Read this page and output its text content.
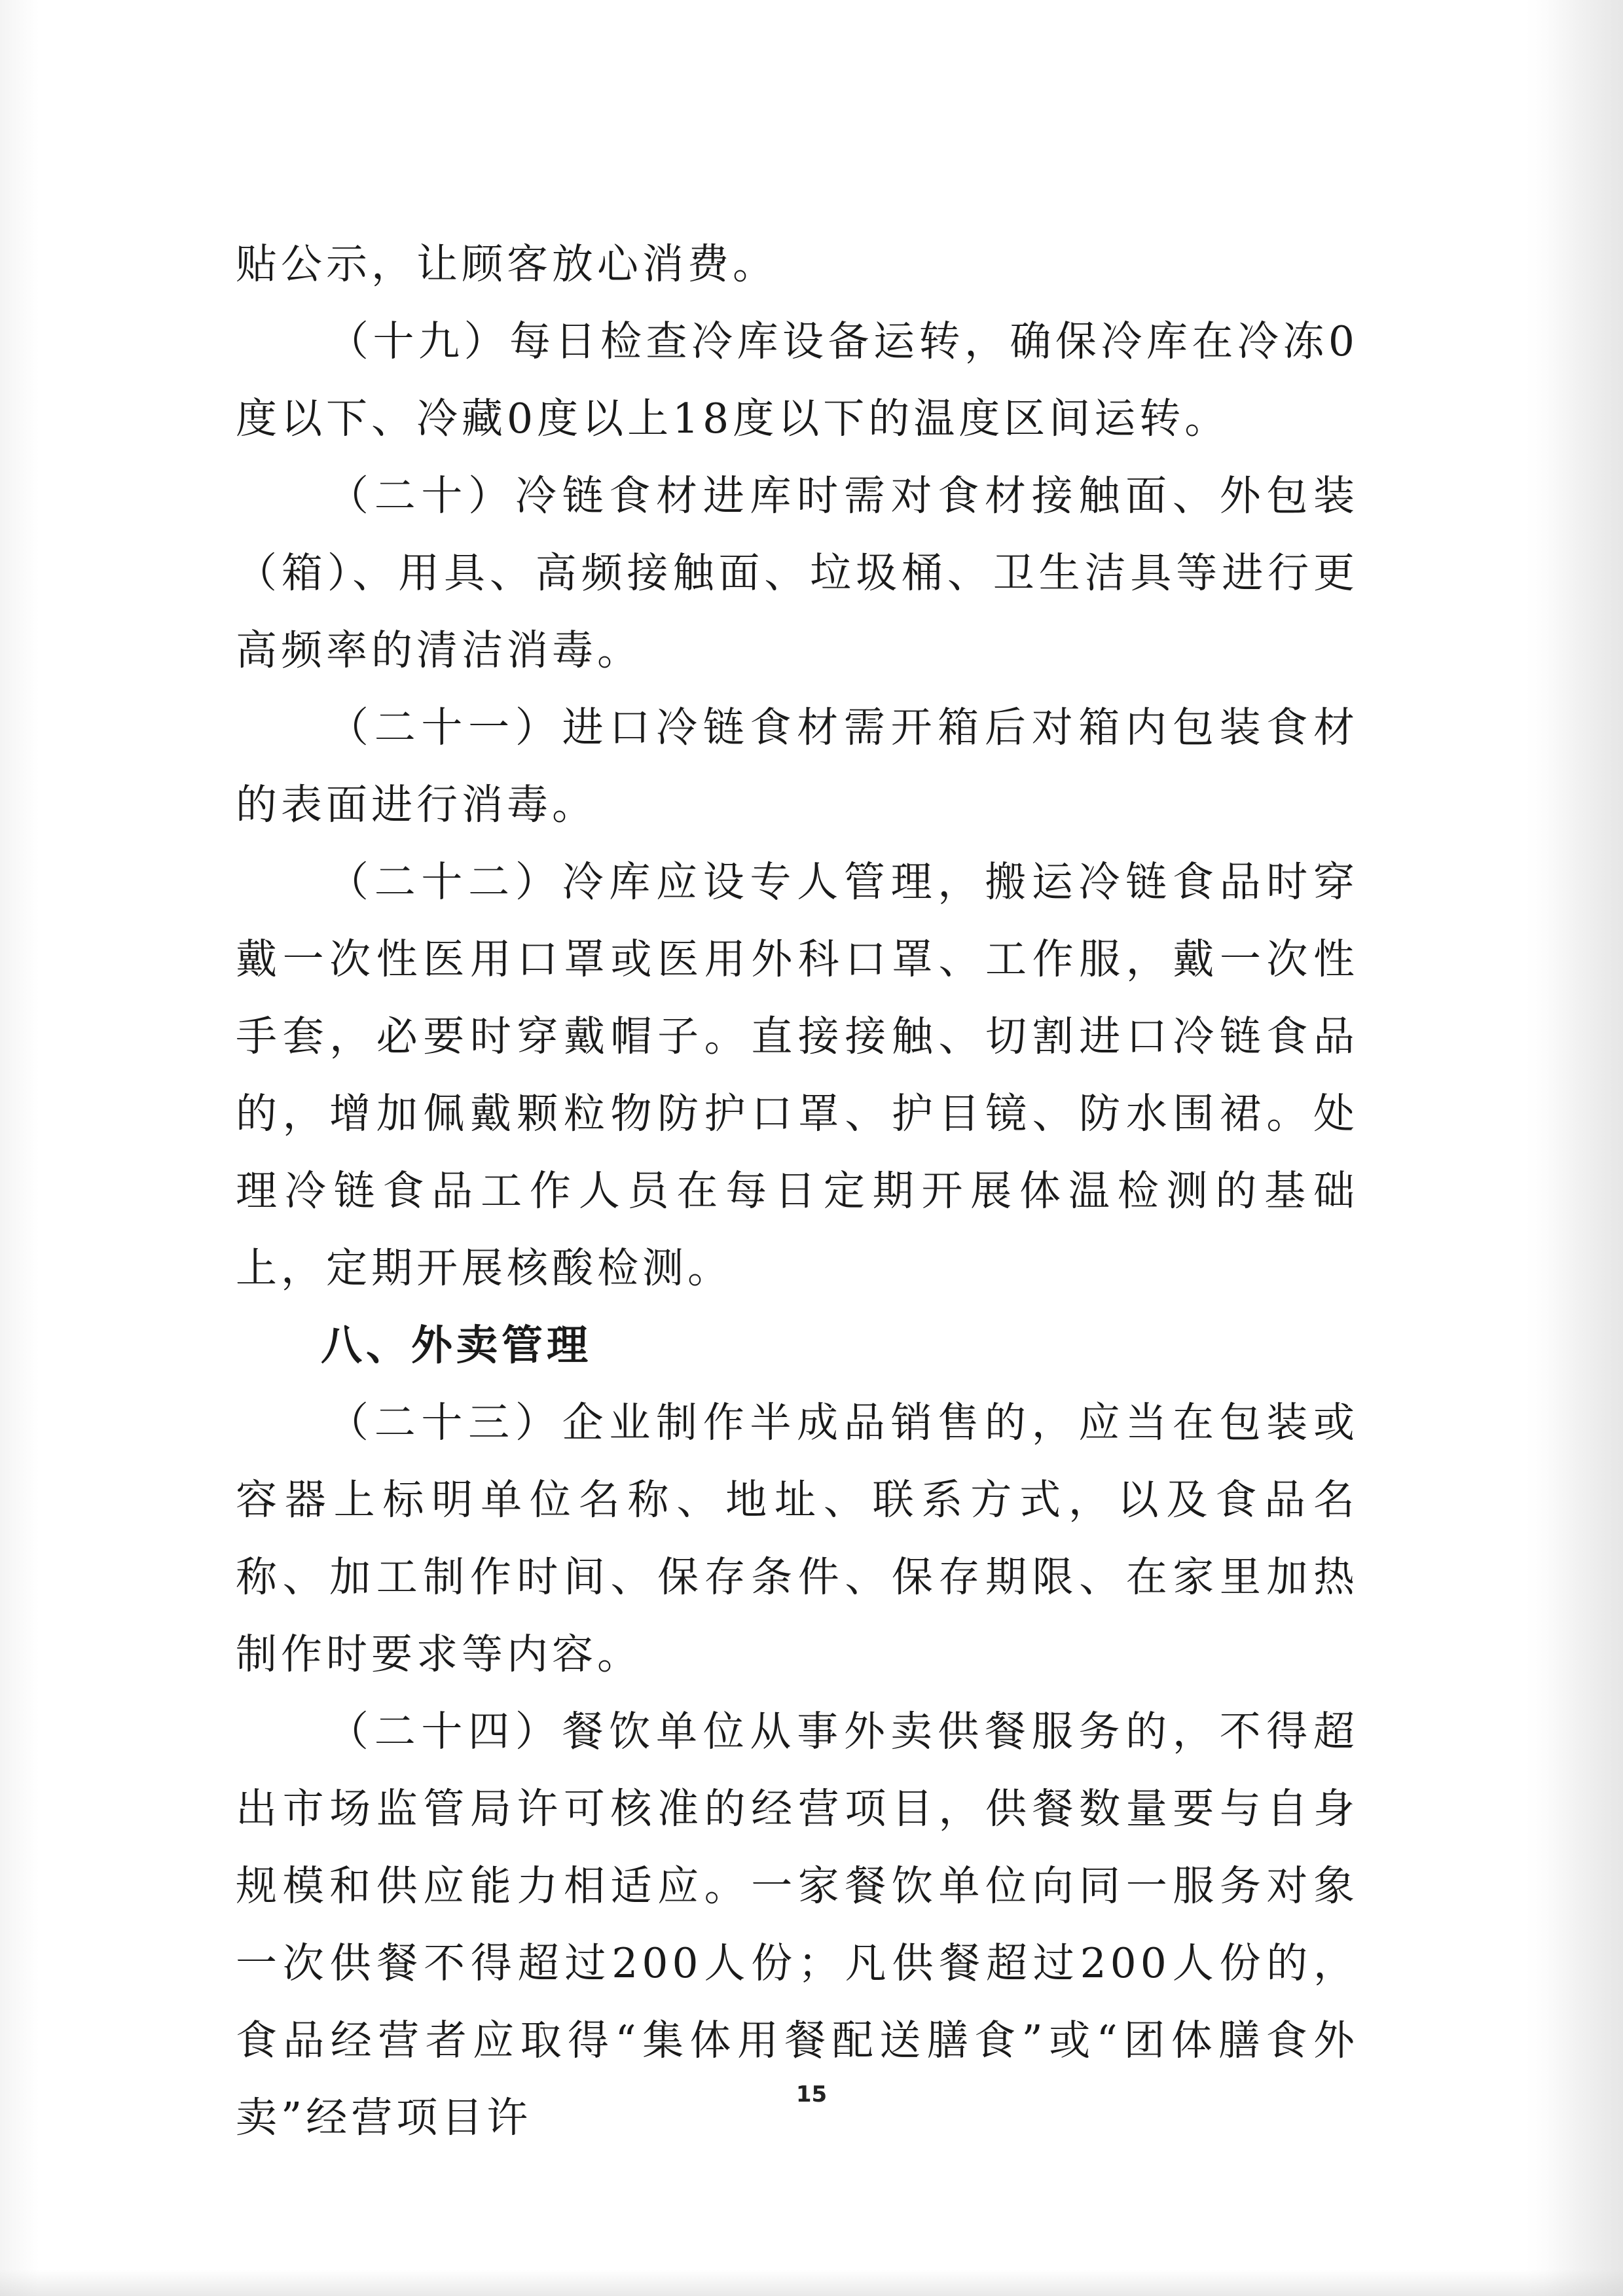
贴公示，让顾客放心消费。

（十九）每日检查冷库设备运转，确保冷库在冷冻0度以下、冷藏0度以上18度以下的温度区间运转。

（二十）冷链食材进库时需对食材接触面、外包装（箱）、用具、高频接触面、垃圾桶、卫生洁具等进行更高频率的清洁消毒。

（二十一）进口冷链食材需开箱后对箱内包装食材的表面进行消毒。

（二十二）冷库应设专人管理，搬运冷链食品时穿戴一次性医用口罩或医用外科口罩、工作服，戴一次性手套，必要时穿戴帽子。直接接触、切割进口冷链食品的，增加佩戴颗粒物防护口罩、护目镜、防水围裙。处理冷链食品工作人员在每日定期开展体温检测的基础上，定期开展核酸检测。

八、外卖管理

（二十三）企业制作半成品销售的，应当在包装或容器上标明单位名称、地址、联系方式，以及食品名称、加工制作时间、保存条件、保存期限、在家里加热制作时要求等内容。

（二十四）餐饮单位从事外卖供餐服务的，不得超出市场监管局许可核准的经营项目，供餐数量要与自身规模和供应能力相适应。一家餐饮单位向同一服务对象一次供餐不得超过200人份；凡供餐超过200人份的，食品经营者应取得“集体用餐配送膳食”或“团体膳食外卖”经营项目许	15
